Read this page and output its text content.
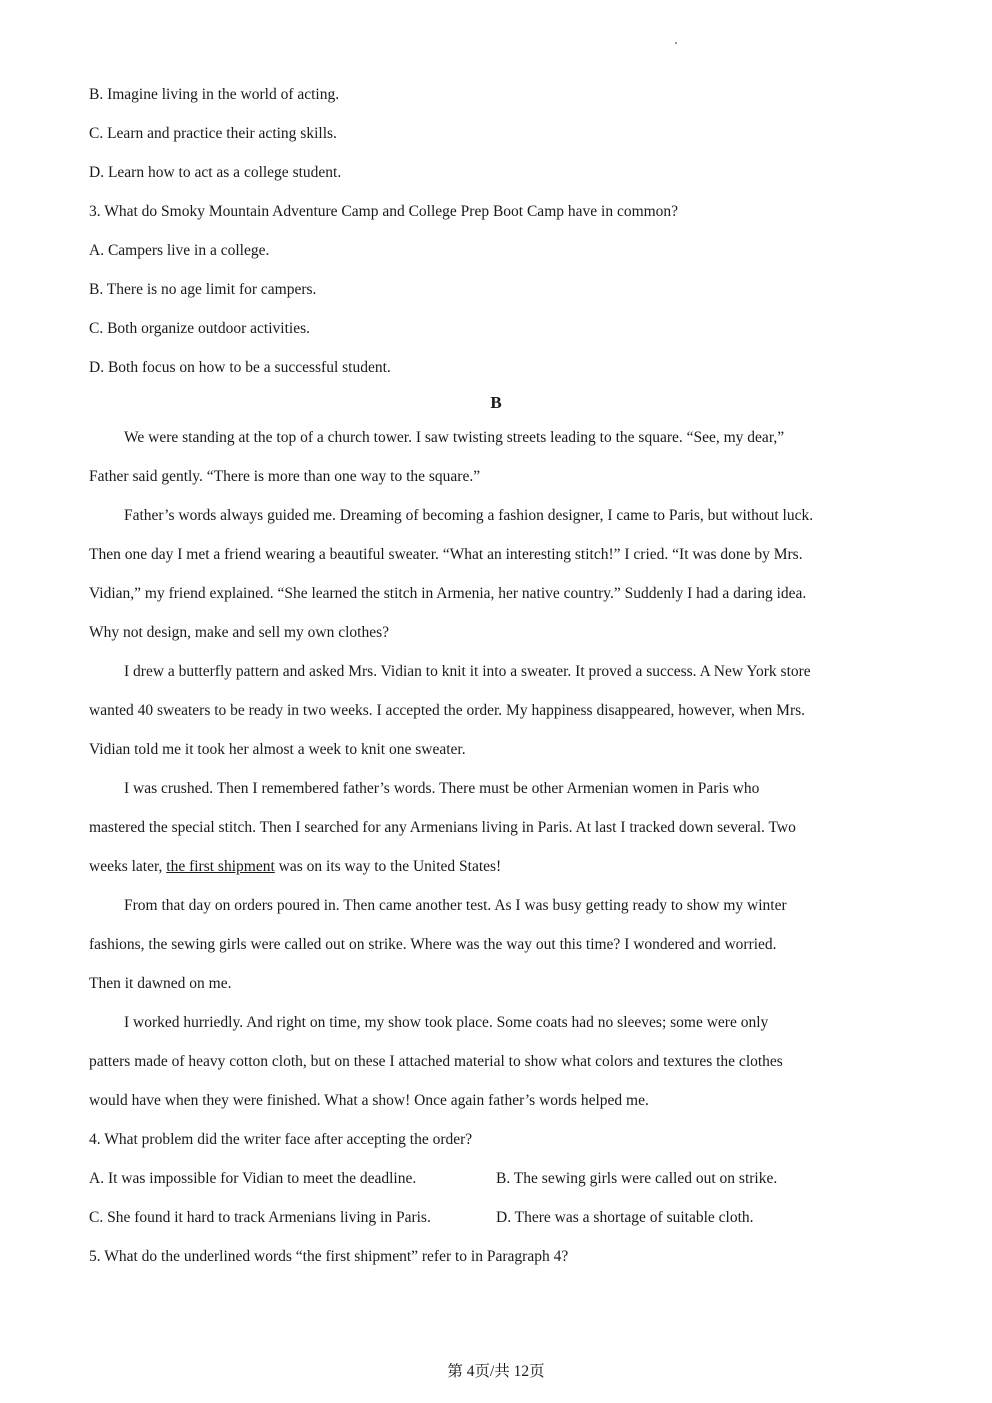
B. Imagine living in the world of acting.
C. Learn and practice their acting skills.
D. Learn how to act as a college student.
3. What do Smoky Mountain Adventure Camp and College Prep Boot Camp have in common?
A. Campers live in a college.
B. There is no age limit for campers.
C. Both organize outdoor activities.
D. Both focus on how to be a successful student.
B
We were standing at the top of a church tower. I saw twisting streets leading to the square. “See, my dear,”
Father said gently. “There is more than one way to the square.”
Father’s words always guided me. Dreaming of becoming a fashion designer, I came to Paris, but without luck.
Then one day I met a friend wearing a beautiful sweater. “What an interesting stitch!” I cried. “It was done by Mrs.
Vidian,” my friend explained. “She learned the stitch in Armenia, her native country.” Suddenly I had a daring idea.
Why not design, make and sell my own clothes?
I drew a butterfly pattern and asked Mrs. Vidian to knit it into a sweater. It proved a success. A New York store
wanted 40 sweaters to be ready in two weeks. I accepted the order. My happiness disappeared, however, when Mrs.
Vidian told me it took her almost a week to knit one sweater.
I was crushed. Then I remembered father’s words. There must be other Armenian women in Paris who
mastered the special stitch. Then I searched for any Armenians living in Paris. At last I tracked down several. Two
weeks later, the first shipment was on its way to the United States!
From that day on orders poured in. Then came another test. As I was busy getting ready to show my winter
fashions, the sewing girls were called out on strike. Where was the way out this time? I wondered and worried.
Then it dawned on me.
I worked hurriedly. And right on time, my show took place. Some coats had no sleeves; some were only
patters made of heavy cotton cloth, but on these I attached material to show what colors and textures the clothes
would have when they were finished. What a show! Once again father’s words helped me.
4. What problem did the writer face after accepting the order?
A. It was impossible for Vidian to meet the deadline.	B. The sewing girls were called out on strike.
C. She found it hard to track Armenians living in Paris.	D. There was a shortage of suitable cloth.
5. What do the underlined words “the first shipment” refer to in Paragraph 4?
第 4页/共 12页
